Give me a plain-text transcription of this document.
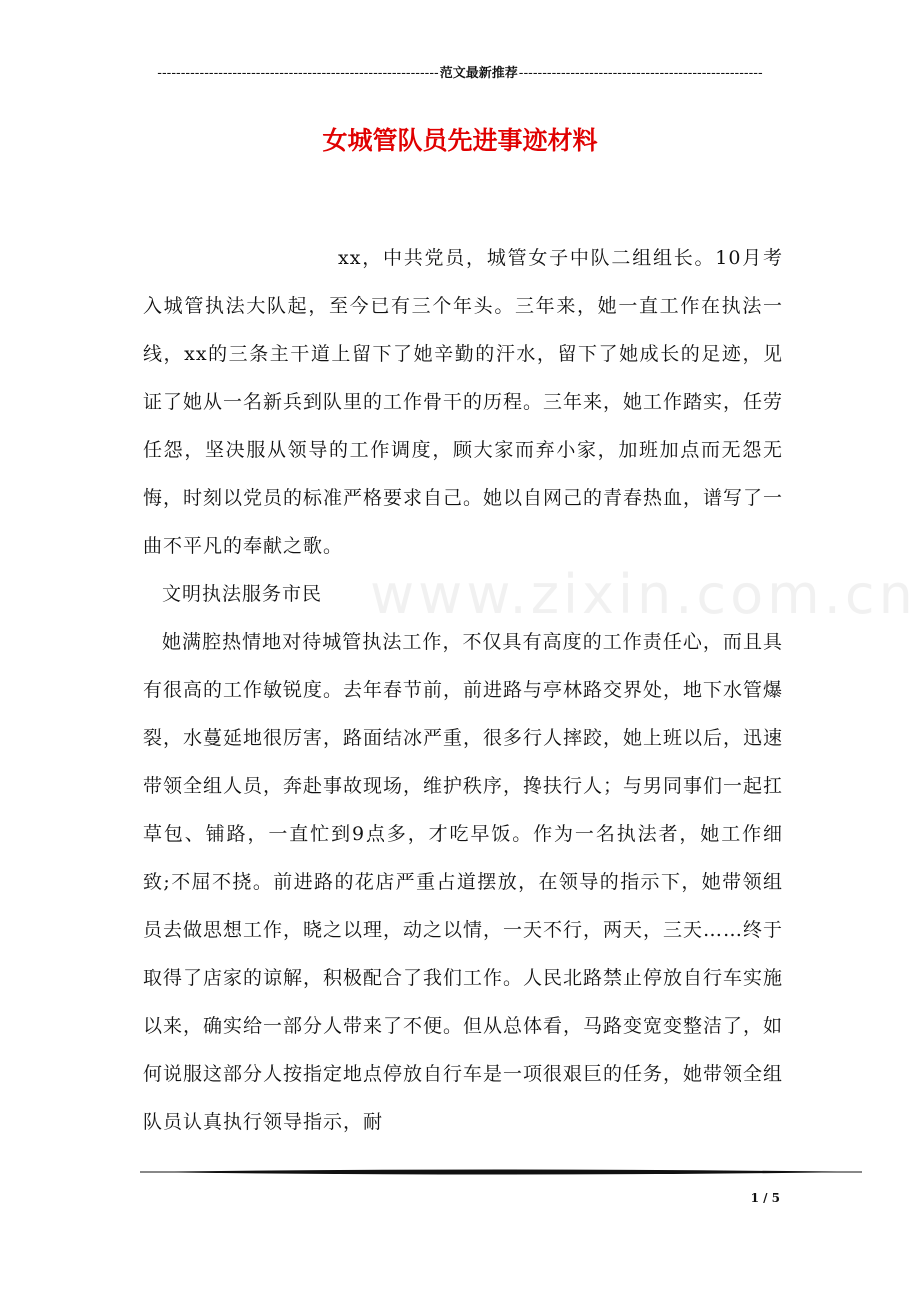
------------------------------------------------------------范文最新推荐----------------------------------------------------
女城管队员先进事迹材料
www.zixin.com.cn

xx，中共党员，城管女子中队二组组长。10月考入城管执法大队起，至今已有三个年头。三年来，她一直工作在执法一线，xx的三条主干道上留下了她辛勤的汗水，留下了她成长的足迹，见证了她从一名新兵到队里的工作骨干的历程。三年来，她工作踏实，任劳任怨，坚决服从领导的工作调度，顾大家而弃小家，加班加点而无怨无悔，时刻以党员的标准严格要求自己。她以自网己的青春热血，谱写了一曲不平凡的奉献之歌。

文明执法服务市民

她满腔热情地对待城管执法工作，不仅具有高度的工作责任心，而且具有很高的工作敏锐度。去年春节前，前进路与亭林路交界处，地下水管爆裂，水蔓延地很厉害，路面结冰严重，很多行人摔跤，她上班以后，迅速带领全组人员，奔赴事故现场，维护秩序，搀扶行人；与男同事们一起扛草包、铺路，一直忙到9点多，才吃早饭。作为一名执法者，她工作细致;不屈不挠。前进路的花店严重占道摆放，在领导的指示下，她带领组员去做思想工作，晓之以理，动之以情，一天不行，两天，三天……终于取得了店家的谅解，积极配合了我们工作。人民北路禁止停放自行车实施以来，确实给一部分人带来了不便。但从总体看，马路变宽变整洁了，如何说服这部分人按指定地点停放自行车是一项很艰巨的任务，她带领全组队员认真执行领导指示，耐

1 / 5
